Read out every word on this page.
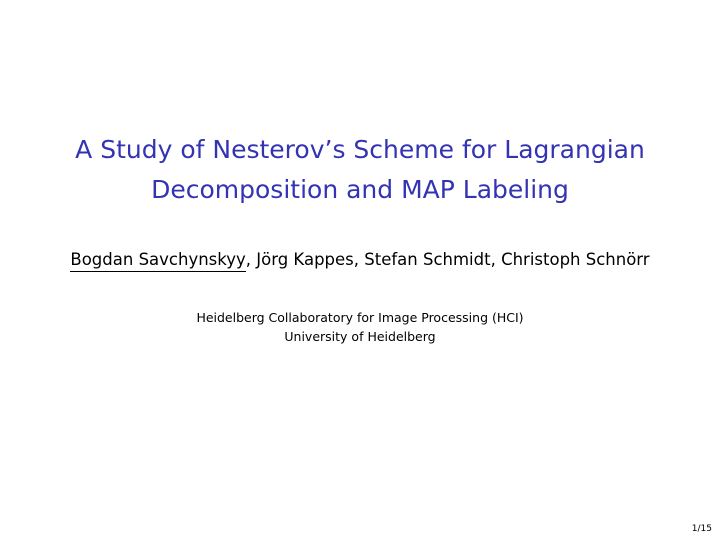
A Study of Nesterov’s Scheme for Lagrangian
Decomposition and MAP Labeling
Bogdan Savchynskyy, Jörg Kappes, Stefan Schmidt, Christoph Schnörr
Heidelberg Collaboratory for Image Processing (HCI)
University of Heidelberg
1/15
